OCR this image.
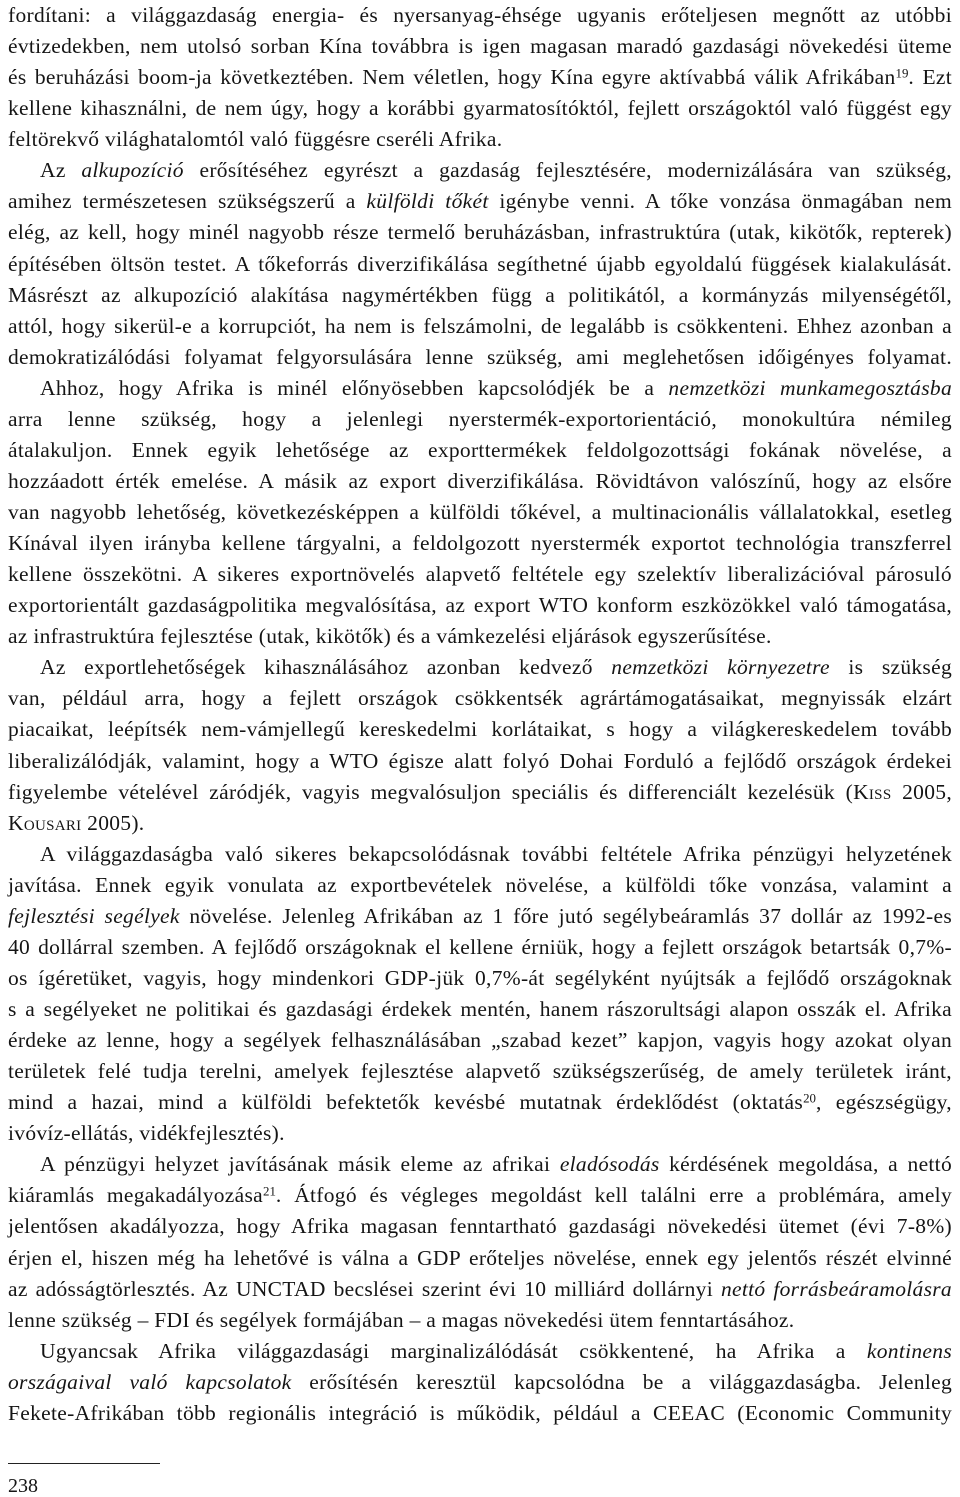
fordítani: a világgazdaság energia- és nyersanyag-éhsége ugyanis erőteljesen megnőtt az utóbbi
évtizedekben, nem utolsó sorban Kína továbbra is igen magasan maradó gazdasági növekedési üteme
és beruházási boom-ja következtében. Nem véletlen, hogy Kína egyre aktívabbá válik Afrikában$^{19}$. Ezt
kellene kihasználni, de nem úgy, hogy a korábbi gyarmatosítóktól, fejlett országoktól való függést egy
feltörekvő világhatalomtól való függésre cseréli Afrika.
Az alkupozíció erősítéséhez egyrészt a gazdaság fejlesztésére, modernizálására van szükség,
amihez természetesen szükségszerű a külföldi tőkét igénybe venni. A tőke vonzása önmagában nem
elég, az kell, hogy minél nagyobb része termelő beruházásban, infrastruktúra (utak, kikötők, repterek)
építésében öltsön testet. A tőkeforrás diverzifikálása segíthetné újabb egyoldalú függések kialakulását.
Másrészt az alkupozíció alakítása nagymértékben függ a politikától, a kormányzás milyenségétől,
attól, hogy sikerül-e a korrupciót, ha nem is felszámolni, de legalább is csökkenteni. Ehhez azonban a
demokratizálódási folyamat felgyorsulására lenne szükség, ami meglehetősen időigényes folyamat.
Ahhoz, hogy Afrika is minél előnyösebben kapcsolódjék be a nemzetközi munkamegosztásba
arra lenne szükség, hogy a jelenlegi nyerstermék-exportorientáció, monokultúra némileg
átalakuljon. Ennek egyik lehetősége az exporttermékek feldolgozottsági fokának növelése, a
hozzáadott érték emelése. A másik az export diverzifikálása. Rövidtávon valószínű, hogy az elsőre
van nagyobb lehetőség, következésképpen a külföldi tőkével, a multinacionális vállalatokkal, esetleg
Kínával ilyen irányba kellene tárgyalni, a feldolgozott nyerstermék exportot technológia transzferrel
kellene összekötni. A sikeres exportnövelés alapvető feltétele egy szelektív liberalizációval párosuló
exportorientált gazdaságpolitika megvalósítása, az export WTO konform eszközökkel való támogatása,
az infrastruktúra fejlesztése (utak, kikötők) és a vámkezelési eljárások egyszerűsítése.
Az exportlehetőségek kihasználásához azonban kedvező nemzetközi környezetre is szükség
van, például arra, hogy a fejlett országok csökkentsék agrártámogatásaikat, megnyissák elzárt
piacaikat, leépítsék nem-vámjellegű kereskedelmi korlátaikat, s hogy a világkereskedelem tovább
liberalizálódják, valamint, hogy a WTO égisze alatt folyó Dohai Forduló a fejlődő országok érdekei
figyelembe vételével záródjék, vagyis megvalósuljon speciális és differenciált kezelésük (Kiss 2005,
Kousari 2005).
A világgazdaságba való sikeres bekapcsolódásnak további feltétele Afrika pénzügyi helyzetének
javítása. Ennek egyik vonulata az exportbevételek növelése, a külföldi tőke vonzása, valamint a
fejlesztési segélyek növelése. Jelenleg Afrikában az 1 főre jutó segélybeáramlás 37 dollár az 1992-es
40 dollárral szemben. A fejlődő országoknak el kellene érniük, hogy a fejlett országok betartsák 0,7%-
os ígéretüket, vagyis, hogy mindenkori GDP-jük 0,7%-át segélyként nyújtsák a fejlődő országoknak
s a segélyeket ne politikai és gazdasági érdekek mentén, hanem rászorultsági alapon osszák el. Afrika
érdeke az lenne, hogy a segélyek felhasználásában „szabad kezet” kapjon, vagyis hogy azokat olyan
területek felé tudja terelni, amelyek fejlesztése alapvető szükségszerűség, de amely területek iránt,
mind a hazai, mind a külföldi befektetők kevésbé mutatnak érdeklődést (oktatás$^{20}$, egészségügy,
ivóvíz-ellátás, vidékfejlesztés).
A pénzügyi helyzet javításának másik eleme az afrikai eladósodás kérdésének megoldása, a nettó
kiáramlás megakadályozása$^{21}$. Átfogó és végleges megoldást kell találni erre a problémára, amely
jelentősen akadályozza, hogy Afrika magasan fenntartható gazdasági növekedési ütemet (évi 7-8%)
érjen el, hiszen még ha lehetővé is válna a GDP erőteljes növelése, ennek egy jelentős részét elvinné
az adósságtörlesztés. Az UNCTAD becslései szerint évi 10 milliárd dollárnyi nettó forrásbeáramolásra
lenne szükség – FDI és segélyek formájában – a magas növekedési ütem fenntartásához.
Ugyancsak Afrika világgazdasági marginalizálódását csökkentené, ha Afrika a kontinens
országaival való kapcsolatok erősítésén keresztül kapcsolódna be a világgazdaságba. Jelenleg
Fekete-Afrikában több regionális integráció is működik, például a CEEAC (Economic Community
238
